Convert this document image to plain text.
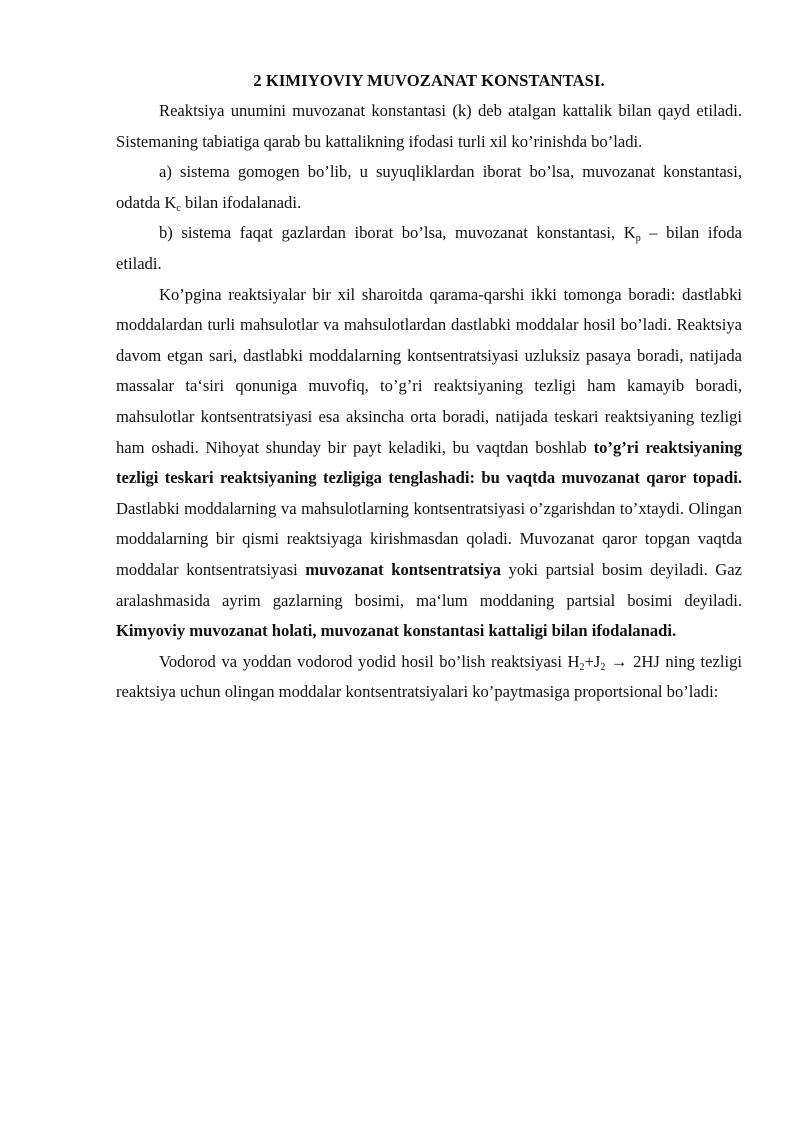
2 KIMIYOVIY MUVOZANAT KONSTANTASI.

Reaktsiya unumini muvozanat konstantasi (k) deb atalgan kattalik bilan qayd etiladi. Sistemaning tabiatiga qarab bu kattalikning ifodasi turli xil ko’rinishda bo’ladi.

a) sistema gomogen bo’lib, u suyuqliklardan iborat bo’lsa, muvozanat konstantasi, odatda $K_c$ bilan ifodalanadi.

b) sistema faqat gazlardan iborat bo’lsa, muvozanat konstantasi, $K_p$ – bilan ifoda etiladi.

Ko’pgina reaktsiyalar bir xil sharoitda qarama-qarshi ikki tomonga boradi: dastlabki moddalardan turli mahsulotlar va mahsulotlardan dastlabki moddalar hosil bo’ladi. Reaktsiya davom etgan sari, dastlabki moddalarning kontsentratsiyasi uzluksiz pasaya boradi, natijada massalar ta‘siri qonuniga muvofiq, to’g’ri reaktsiyaning tezligi ham kamayib boradi, mahsulotlar kontsentratsiyasi esa aksincha orta boradi, natijada teskari reaktsiyaning tezligi ham oshadi. Nihoyat shunday bir payt keladiki, bu vaqtdan boshlab to’g’ri reaktsiyaning tezligi teskari reaktsiyaning tezligiga tenglashadi: bu vaqtda muvozanat qaror topadi. Dastlabki moddalarning va mahsulotlarning kontsentratsiyasi o’zgarishdan to’xtaydi. Olingan moddalarning bir qismi reaktsiyaga kirishmasdan qoladi. Muvozanat qaror topgan vaqtda moddalar kontsentratsiyasi muvozanat kontsentratsiya yoki partsial bosim deyiladi. Gaz aralashmasida ayrim gazlarning bosimi, ma‘lum moddaning partsial bosimi deyiladi. Kimyoviy muvozanat holati, muvozanat konstantasi kattaligi bilan ifodalanadi.

Vodorod va yoddan vodorod yodid hosil bo’lish reaktsiyasi $H_2+J_2 \to 2HJ$ ning tezligi reaktsiya uchun olingan moddalar kontsentratsiyalari ko’paytmasiga proportsional bo’ladi:
